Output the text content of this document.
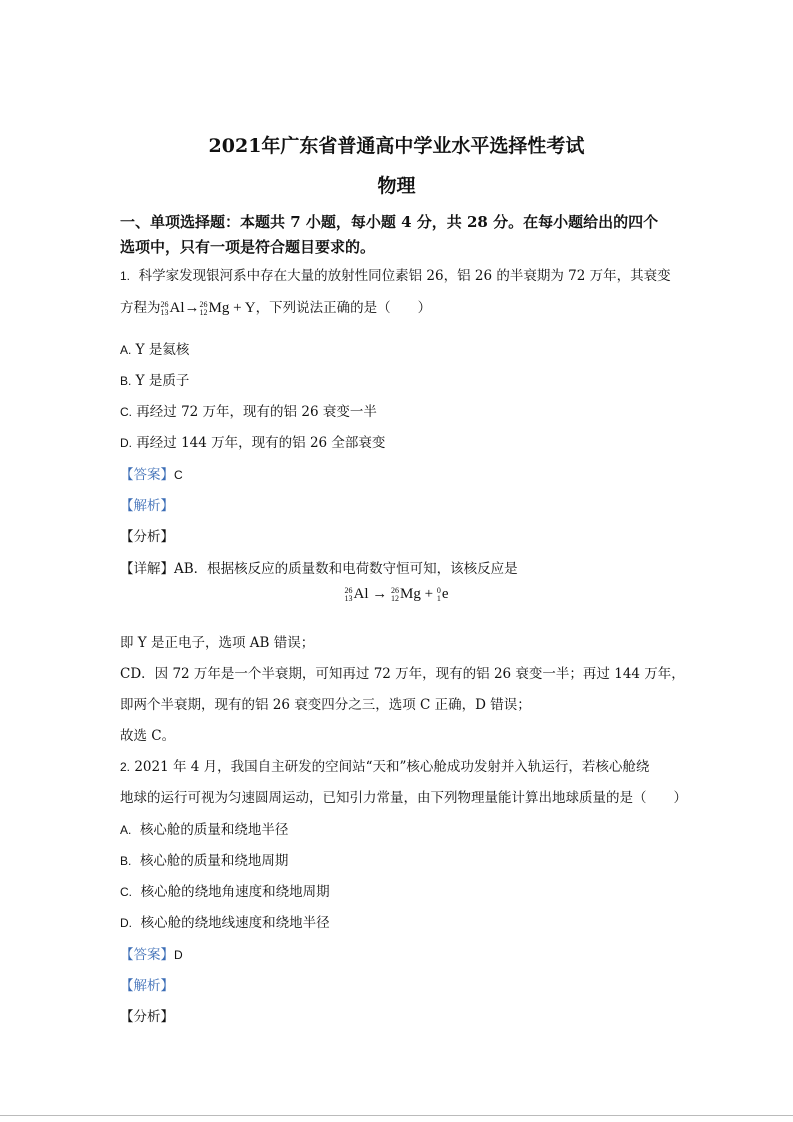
2021年广东省普通高中学业水平选择性考试
物理
一、单项选择题：本题共 7 小题，每小题 4 分，共 28 分。在每小题给出的四个
选项中，只有一项是符合题目要求的。
1. 科学家发现银河系中存在大量的放射性同位素铝 26，铝 26 的半衰期为 72 万年，其衰变
方程为 26
13 Al→ 26
12 Mg + Y，下列说法正确的是（　　）
A. Y 是氦核
B. Y 是质子
C. 再经过 72 万年，现有的铝 26 衰变一半
D. 再经过 144 万年，现有的铝 26 全部衰变
【答案】C
【解析】
【分析】
【详解】AB．根据核反应的质量数和电荷数守恒可知，该核反应是
26
13 Al → 26
12 Mg + 0
1 e
即 Y 是正电子，选项 AB 错误；
CD．因 72 万年是一个半衰期，可知再过 72 万年，现有的铝 26 衰变一半；再过 144 万年，
即两个半衰期，现有的铝 26 衰变四分之三，选项 C 正确，D 错误；
故选 C。
2. 2021 年 4 月，我国自主研发的空间站“天和”核心舱成功发射并入轨运行，若核心舱绕
地球的运行可视为匀速圆周运动，已知引力常量，由下列物理量能计算出地球质量的是（　　）
A. 核心舱的质量和绕地半径
B. 核心舱的质量和绕地周期
C. 核心舱的绕地角速度和绕地周期
D. 核心舱的绕地线速度和绕地半径
【答案】D
【解析】
【分析】
